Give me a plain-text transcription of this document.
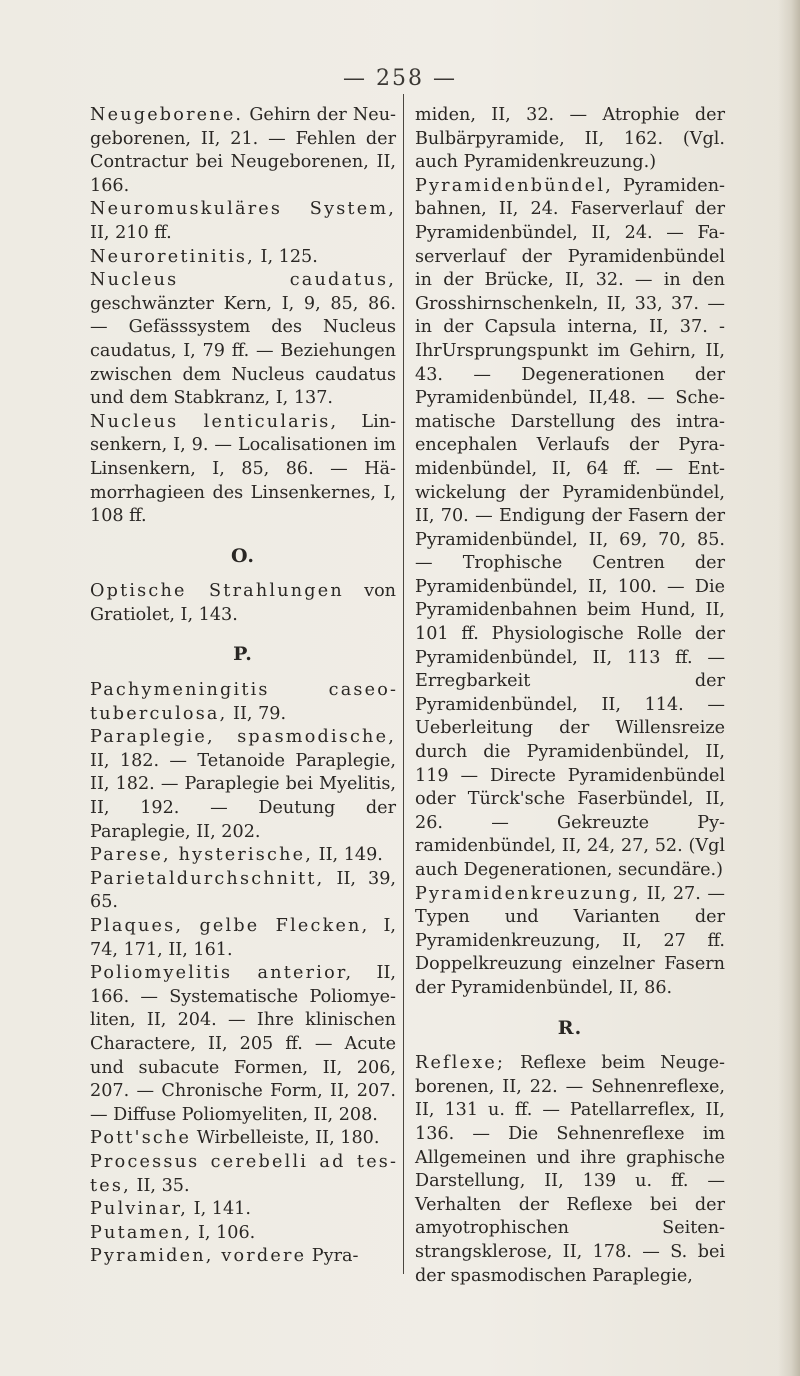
— 258 —

Neugeborene. Gehirn der Neugeborenen, II, 21. — Fehlen der Contractur bei Neugeborenen, II, 166.

Neuromuskuläres System, II, 210 ff.

Neuroretinitis, I, 125.

Nucleus caudatus, geschwänzter Kern, I, 9, 85, 86. — Gefässsystem des Nucleus caudatus, I, 79 ff. — Beziehungen zwischen dem Nucleus caudatus und dem Stabkranz, I, 137.

Nucleus lenticularis, Linsenkern, I, 9. — Localisationen im Linsenkern, I, 85, 86. — Hämorrhagieen des Linsenkernes, I, 108 ff.

O.

Optische Strahlungen von Gratiolet, I, 143.

P.

Pachymeningitis caseotuberculosa, II, 79.

Paraplegie, spasmodische, II, 182. — Tetanoide Paraplegie, II, 182. — Paraplegie bei Myelitis, II, 192. — Deutung der Paraplegie, II, 202.

Parese, hysterische, II, 149.

Parietaldurchschnitt, II, 39, 65.

Plaques, gelbe Flecken, I, 74, 171, II, 161.

Poliomyelitis anterior, II, 166. — Systematische Poliomyeliten, II, 204. — Ihre klinischen Charactere, II, 205 ff. — Acute und subacute Formen, II, 206, 207. — Chronische Form, II, 207. — Diffuse Poliomyeliten, II, 208.

Pott'sche Wirbelleiste, II, 180.

Processus cerebelli ad testes, II, 35.

Pulvinar, I, 141.

Putamen, I, 106.

Pyramiden, vordere Pyra-

miden, II, 32. — Atrophie der Bulbärpyramide, II, 162. (Vgl. auch Pyramidenkreuzung.)

Pyramidenbündel, Pyramidenbahnen, II, 24. Faserverlauf der Pyramidenbündel, II, 24. — Faserverlauf der Pyramidenbündel in der Brücke, II, 32. — in den Grosshirnschenkeln, II, 33, 37. — in der Capsula interna, II, 37. - IhrUrsprungspunkt im Gehirn, II, 43. — Degenerationen der Pyramidenbündel, II,48. — Schematische Darstellung des intraencephalen Verlaufs der Pyramidenbündel, II, 64 ff. — Entwickelung der Pyramidenbündel, II, 70. — Endigung der Fasern der Pyramidenbündel, II, 69, 70, 85. — Trophische Centren der Pyramidenbündel, II, 100. — Die Pyramidenbahnen beim Hund, II, 101 ff. Physiologische Rolle der Pyramidenbündel, II, 113 ff. — Erregbarkeit der Pyramidenbündel, II, 114. — Ueberleitung der Willensreize durch die Pyramidenbündel, II, 119 — Directe Pyramidenbündel oder Türck'sche Faserbündel, II, 26. — Gekreuzte Pyramidenbündel, II, 24, 27, 52. (Vgl auch Degenerationen, secundäre.)

Pyramidenkreuzung, II, 27. — Typen und Varianten der Pyramidenkreuzung, II, 27 ff. Doppelkreuzung einzelner Fasern der Pyramidenbündel, II, 86.

R.

Reflexe; Reflexe beim Neugeborenen, II, 22. — Sehnenreflexe, II, 131 u. ff. — Patellarreflex, II, 136. — Die Sehnenreflexe im Allgemeinen und ihre graphische Darstellung, II, 139 u. ff. — Verhalten der Reflexe bei der amyotrophischen Seitenstrangsklerose, II, 178. — S. bei der spasmodischen Paraplegie,
